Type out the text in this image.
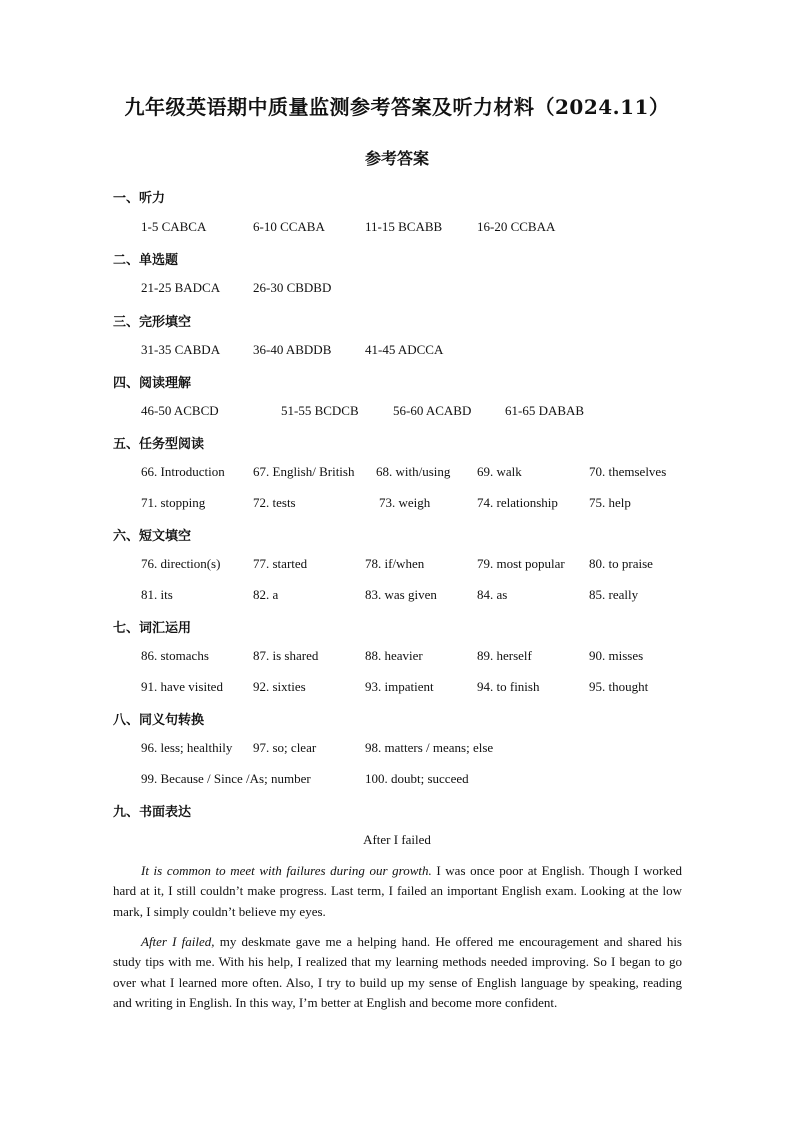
九年级英语期中质量监测参考答案及听力材料（2024.11）
参考答案
一、听力
1-5 CABCA	6-10 CCABA	11-15 BCABB	16-20 CCBAA
二、单选题
21-25 BADCA	26-30 CBDBD
三、完形填空
31-35 CABDA	36-40 ABDDB	41-45 ADCCA
四、阅读理解
46-50 ACBCD	51-55 BCDCB	56-60 ACABD	61-65 DABAB
五、任务型阅读
66. Introduction 67. English/ British 68. with/using 69. walk	70. themselves
71. stopping	72. tests	73. weigh	74. relationship 75. help
六、短文填空
76. direction(s)	77. started	78. if/when	79. most popular 80. to praise
81. its	82. a	83. was given	84. as	85. really
七、词汇运用
86. stomachs	87. is shared	88. heavier	89. herself	90. misses
91. have visited 92. sixties	93. impatient	94. to finish	95. thought
八、同义句转换
96. less; healthily 97. so; clear	98. matters / means; else
99. Because / Since /As; number	100. doubt; succeed
九、书面表达
After I failed
It is common to meet with failures during our growth. I was once poor at English. Though I worked hard at it, I still couldn’t make progress. Last term, I failed an important English exam. Looking at the low mark, I simply couldn’t believe my eyes.
After I failed, my deskmate gave me a helping hand. He offered me encouragement and shared his study tips with me. With his help, I realized that my learning methods needed improving. So I began to go over what I learned more often. Also, I try to build up my sense of English language by speaking, reading and writing in English. In this way, I’m better at English and become more confident.
